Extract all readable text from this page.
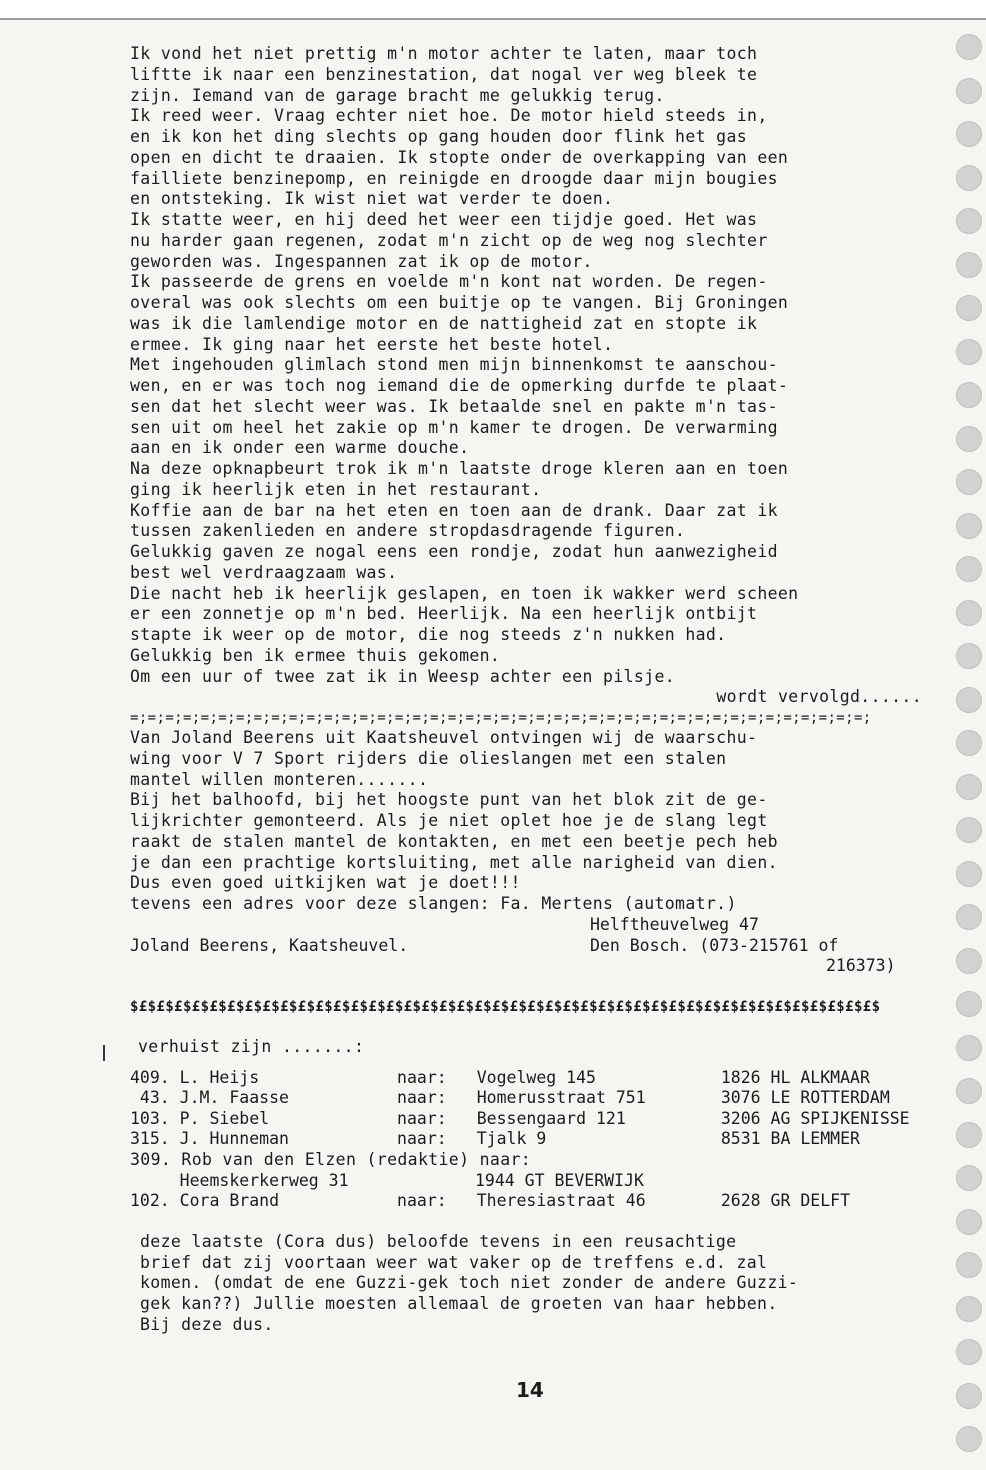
Ik vond het niet prettig m'n motor achter te laten, maar toch
liftte ik naar een benzinestation, dat nogal ver weg bleek te
zijn. Iemand van de garage bracht me gelukkig terug.
Ik reed weer. Vraag echter niet hoe. De motor hield steeds in,
en ik kon het ding slechts op gang houden door flink het gas
open en dicht te draaien. Ik stopte onder de overkapping van een
failliete benzinepomp, en reinigde en droogde daar mijn bougies
en ontsteking. Ik wist niet wat verder te doen.
Ik statte weer, en hij deed het weer een tijdje goed. Het was
nu harder gaan regenen, zodat m'n zicht op de weg nog slechter
geworden was. Ingespannen zat ik op de motor.
Ik passeerde de grens en voelde m'n kont nat worden. De regen-
overal was ook slechts om een buitje op te vangen. Bij Groningen
was ik die lamlendige motor en de nattigheid zat en stopte ik
ermee. Ik ging naar het eerste het beste hotel.
Met ingehouden glimlach stond men mijn binnenkomst te aanschou-
wen, en er was toch nog iemand die de opmerking durfde te plaat-
sen dat het slecht weer was. Ik betaalde snel en pakte m'n tas-
sen uit om heel het zakie op m'n kamer te drogen. De verwarming
aan en ik onder een warme douche.
Na deze opknapbeurt trok ik m'n laatste droge kleren aan en toen
ging ik heerlijk eten in het restaurant.
Koffie aan de bar na het eten en toen aan de drank. Daar zat ik
tussen zakenlieden en andere stropdasdragende figuren.
Gelukkig gaven ze nogal eens een rondje, zodat hun aanwezigheid
best wel verdraagzaam was.
Die nacht heb ik heerlijk geslapen, en toen ik wakker werd scheen
er een zonnetje op m'n bed. Heerlijk. Na een heerlijk ontbijt
stapte ik weer op de motor, die nog steeds z'n nukken had.
Gelukkig ben ik ermee thuis gekomen.
Om een uur of twee zat ik in Weesp achter een pilsje.
wordt vervolgd......
=;=;=;=;=;=;=;=;=;=;=;=;=;=;=;=;=;=;=;=;=;=;=;=;=;=;=;=;=;=;=;=;=;=;=;=;=;=;=;=;=;=;
Van Joland Beerens uit Kaatsheuvel ontvingen wij de waarschu-
wing voor V 7 Sport rijders die olieslangen met een stalen
mantel willen monteren.......
Bij het balhoofd, bij het hoogste punt van het blok zit de ge-
lijkrichter gemonteerd. Als je niet oplet hoe je de slang legt
raakt de stalen mantel de kontakten, en met een beetje pech heb
je dan een prachtige kortsluiting, met alle narigheid van dien.
Dus even goed uitkijken wat je doet!!!
tevens een adres voor deze slangen: Fa. Mertens (automatr.)
Helftheuvelweg 47
Joland Beerens, Kaatsheuvel.	Den Bosch. (073-215761 of
216373)
$£$£$£$£$£$£$£$£$£$£$£$£$£$£$£$£$£$£$£$£$£$£$£$£$£$£$£$£$£$£$£$£$£$£$£$£$£$£$£$£$£$£$
verhuist zijn .......:
409. L. Heijs	naar:	Vogelweg 145	1826 HL ALKMAAR
43. J.M. Faasse	naar:	Homerusstraat 751	3076 LE ROTTERDAM
103. P. Siebel	naar:	Bessengaard 121	3206 AG SPIJKENISSE
315. J. Hunneman	naar:	Tjalk 9	8531 BA LEMMER
309. Rob van den Elzen (redaktie) naar:
Heemskerkerweg 31	1944 GT BEVERWIJK
102. Cora Brand	naar:	Theresiastraat 46	2628 GR DELFT
deze laatste (Cora dus) beloofde tevens in een reusachtige
brief dat zij voortaan weer wat vaker op de treffens e.d. zal
komen. (omdat de ene Guzzi-gek toch niet zonder de andere Guzzi-
gek kan??) Jullie moesten allemaal de groeten van haar hebben.
Bij deze dus.
14
